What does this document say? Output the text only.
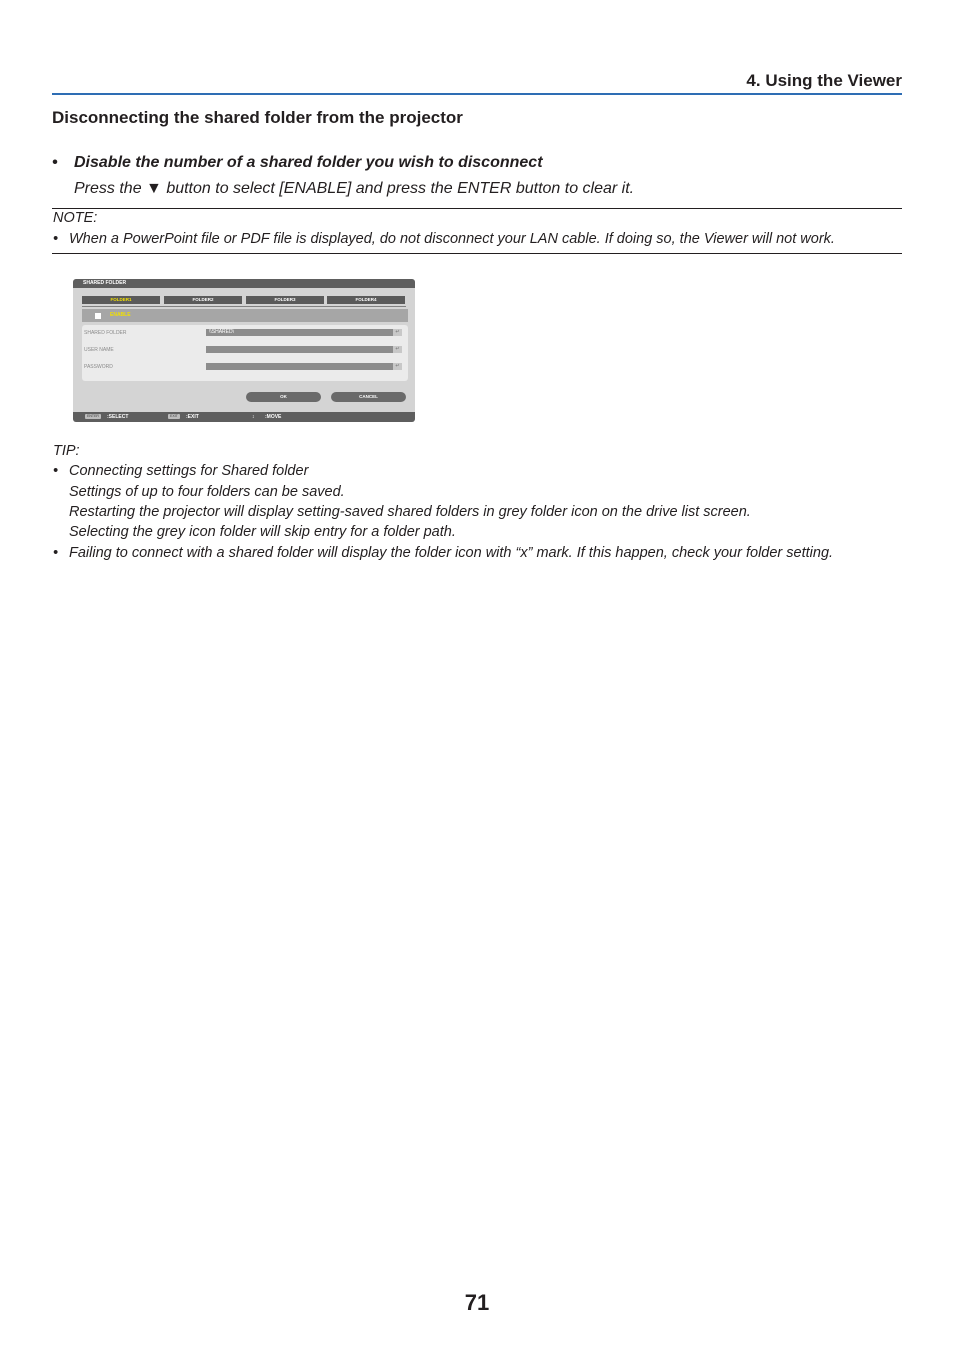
4. Using the Viewer
Disconnecting the shared folder from the projector
• Disable the number of a shared folder you wish to disconnect
Press the ▼ button to select [ENABLE] and press the ENTER button to clear it.
NOTE:
• When a PowerPoint file or PDF file is displayed, do not disconnect your LAN cable. If doing so, the Viewer will not work.
SHARED FOLDER
FOLDER1	FOLDER2	FOLDER3	FOLDER4
ENABLE
SHARED FOLDER	\\SHARED\	↵
USER NAME	↵
PASSWORD	↵
OK	CANCEL
ENTER	:SELECT	EXIT	:EXIT	↕ :MOVE
TIP:
• Connecting settings for Shared folder
Settings of up to four folders can be saved.
Restarting the projector will display setting-saved shared folders in grey folder icon on the drive list screen.
Selecting the grey icon folder will skip entry for a folder path.
• Failing to connect with a shared folder will display the folder icon with “x” mark. If this happen, check your folder setting.
71
